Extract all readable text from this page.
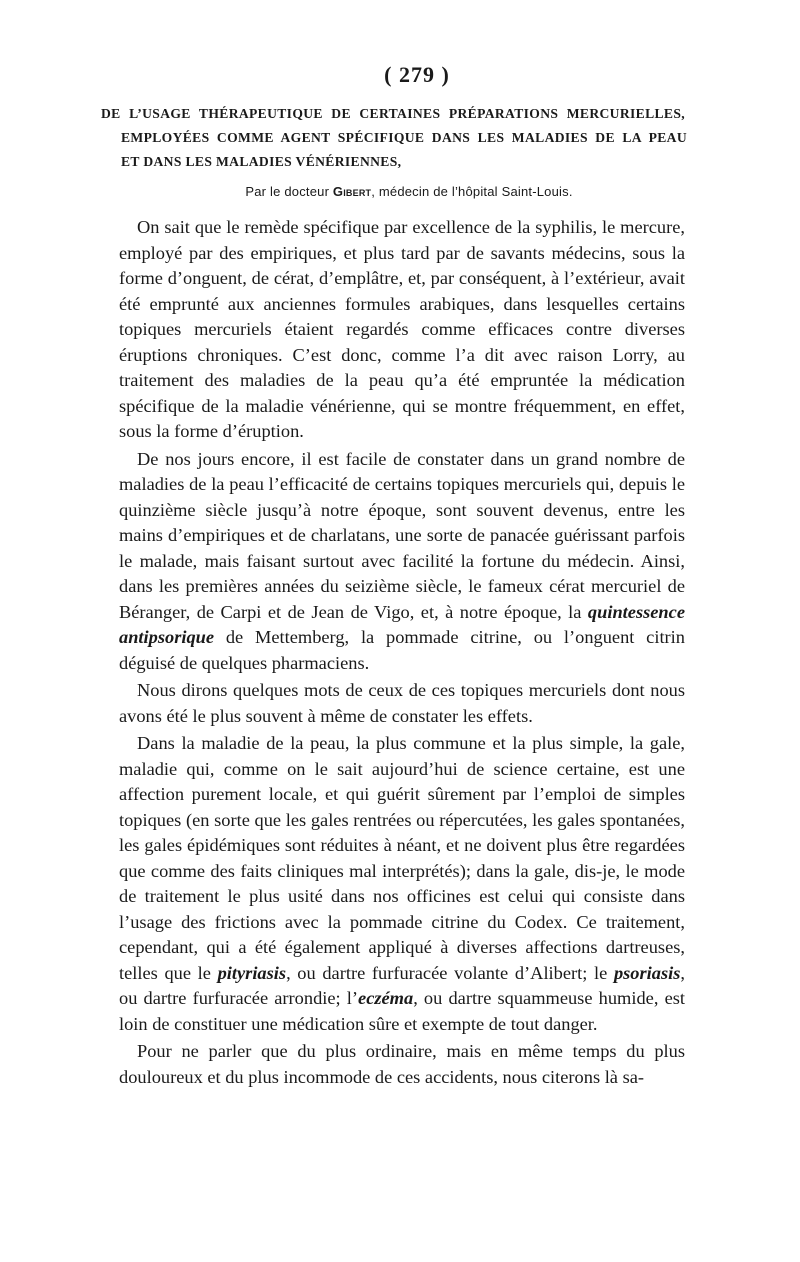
( 279 )
DE L’USAGE THÉRAPEUTIQUE DE CERTAINES PRÉPARATIONS MERCURIELLES,
EMPLOYÉES COMME AGENT SPÉCIFIQUE DANS LES MALADIES DE LA PEAU
ET DANS LES MALADIES VÉNÉRIENNES,
Par le docteur Gibert, médecin de l’hôpital Saint-Louis.

On sait que le remède spécifique par excellence de la syphilis, le mercure, employé par des empiriques, et plus tard par de savants médecins, sous la forme d’onguent, de cérat, d’emplâtre, et, par conséquent, à l’extérieur, avait été emprunté aux anciennes formules arabiques, dans lesquelles certains topiques mercuriels étaient regardés comme efficaces contre diverses éruptions chroniques. C’est donc, comme l’a dit avec raison Lorry, au traitement des maladies de la peau qu’a été empruntée la médication spécifique de la maladie vénérienne, qui se montre fréquemment, en effet, sous la forme d’éruption.

De nos jours encore, il est facile de constater dans un grand nombre de maladies de la peau l’efficacité de certains topiques mercuriels qui, depuis le quinzième siècle jusqu’à notre époque, sont souvent devenus, entre les mains d’empiriques et de charlatans, une sorte de panacée guérissant parfois le malade, mais faisant surtout avec facilité la fortune du médecin. Ainsi, dans les premières années du seizième siècle, le fameux cérat mercuriel de Béranger, de Carpi et de Jean de Vigo, et, à notre époque, la quintessence antipsorique de Mettemberg, la pommade citrine, ou l’onguent citrin déguisé de quelques pharmaciens.

Nous dirons quelques mots de ceux de ces topiques mercuriels dont nous avons été le plus souvent à même de constater les effets.

Dans la maladie de la peau, la plus commune et la plus simple, la gale, maladie qui, comme on le sait aujourd’hui de science certaine, est une affection purement locale, et qui guérit sûrement par l’emploi de simples topiques (en sorte que les gales rentrées ou répercutées, les gales spontanées, les gales épidémiques sont réduites à néant, et ne doivent plus être regardées que comme des faits cliniques mal interprétés); dans la gale, dis-je, le mode de traitement le plus usité dans nos officines est celui qui consiste dans l’usage des frictions avec la pommade citrine du Codex. Ce traitement, cependant, qui a été également appliqué à diverses affections dartreuses, telles que le pityriasis, ou dartre furfuracée volante d’Alibert; le psoriasis, ou dartre furfuracée arrondie; l’eczéma, ou dartre squammeuse humide, est loin de constituer une médication sûre et exempte de tout danger.

Pour ne parler que du plus ordinaire, mais en même temps du plus douloureux et du plus incommode de ces accidents, nous citerons là sa-
